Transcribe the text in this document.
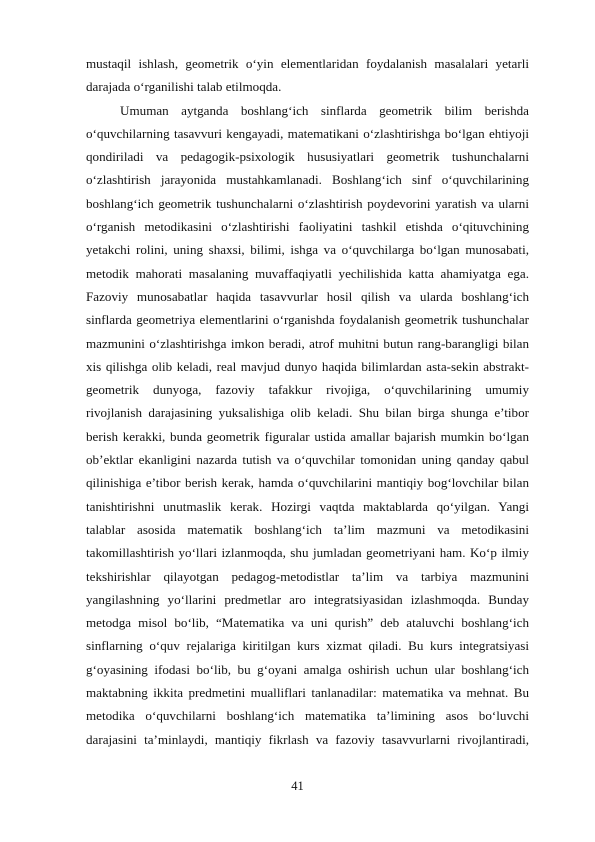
mustaqil ishlash, geometrik o‘yin elementlaridan foydalanish masalalari yetarli
darajada o‘rganilishi talab etilmoqda.
Umuman aytganda boshlang‘ich sinflarda geometrik bilim berishda
o‘quvchilarning tasavvuri kengayadi, matematikani o‘zlashtirishga bo‘lgan ehtiyoji
qondiriladi va pedagogik-psixologik hususiyatlari geometrik tushunchalarni
o‘zlashtirish jarayonida mustahkamlanadi. Boshlang‘ich sinf o‘quvchilarining
boshlang‘ich geometrik tushunchalarni o‘zlashtirish poydevorini yaratish va ularni
o‘rganish metodikasini o‘zlashtirishi faoliyatini tashkil etishda o‘qituvchining
yetakchi rolini, uning shaxsi, bilimi, ishga va o‘quvchilarga bo‘lgan munosabati,
metodik mahorati masalaning muvaffaqiyatli yechilishida katta ahamiyatga ega.
Fazoviy munosabatlar haqida tasavvurlar hosil qilish va ularda boshlang‘ich
sinflarda geometriya elementlarini o‘rganishda foydalanish geometrik tushunchalar
mazmunini o‘zlashtirishga imkon beradi, atrof muhitni butun rang-barangligi bilan
xis qilishga olib keladi, real mavjud dunyo haqida bilimlardan asta-sekin abstrakt-
geometrik dunyoga, fazoviy tafakkur rivojiga, o‘quvchilarining umumiy
rivojlanish darajasining yuksalishiga olib keladi. Shu bilan birga shunga e’tibor
berish kerakki, bunda geometrik figuralar ustida amallar bajarish mumkin bo‘lgan
ob’ektlar ekanligini nazarda tutish va o‘quvchilar tomonidan uning qanday qabul
qilinishiga e’tibor berish kerak, hamda o‘quvchilarini mantiqiy bog‘lovchilar bilan
tanishtirishni unutmaslik kerak. Hozirgi vaqtda maktablarda qo‘yilgan. Yangi
talablar asosida matematik boshlang‘ich ta’lim mazmuni va metodikasini
takomillashtirish yo‘llari izlanmoqda, shu jumladan geometriyani ham. Ko‘p ilmiy
tekshirishlar qilayotgan pedagog-metodistlar ta’lim va tarbiya mazmunini
yangilashning yo‘llarini predmetlar aro integratsiyasidan izlashmoqda. Bunday
metodga misol bo‘lib, “Matematika va uni qurish” deb ataluvchi boshlang‘ich
sinflarning o‘quv rejalariga kiritilgan kurs xizmat qiladi. Bu kurs integratsiyasi
g‘oyasining ifodasi bo‘lib, bu g‘oyani amalga oshirish uchun ular boshlang‘ich
maktabning ikkita predmetini mualliflari tanlanadilar: matematika va mehnat. Bu
metodika o‘quvchilarni boshlang‘ich matematika ta’limining asos bo‘luvchi
darajasini ta’minlaydi, mantiqiy fikrlash va fazoviy tasavvurlarni rivojlantiradi,
41
